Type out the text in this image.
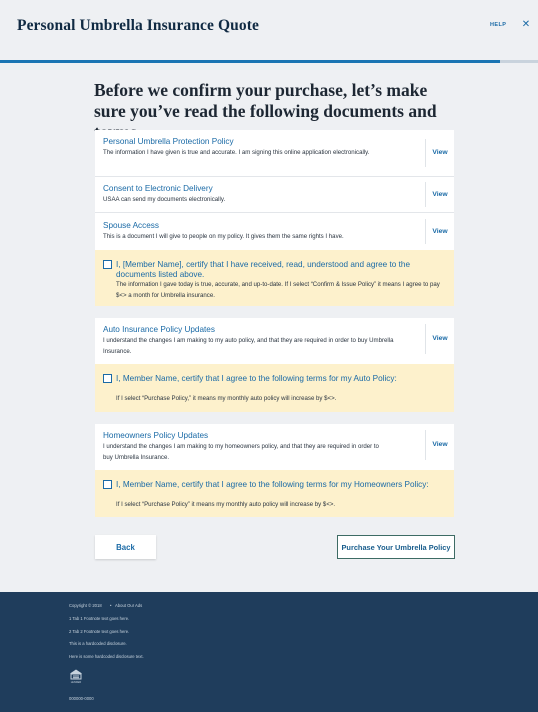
Personal Umbrella Insurance Quote	HELP ✕
Before we confirm your purchase, let’s make sure you’ve read the following documents and
Personal Umbrella Protection Policy
The information I have given is true and accurate. I am signing this online application electronically.	View
Consent to Electronic Delivery
USAA can send my documents electronically.
View
Spouse Access
This is a document I will give to people on my policy. It gives them the same rights I have.
View
I, [Member Name], certify that I have received, read, understood and agree to the documents listed above.
The information I gave today is true, accurate, and up-to-date. If I select “Confirm & Issue Policy” it means I agree to pay $<> a month for Umbrella insurance.
Auto Insurance Policy Updates
I understand the changes I am making to my auto policy, and that they are required in order to buy Umbrella Insurance.
View
I, Member Name, certify that I agree to the following terms for my Auto Policy:
If I select “Purchase Policy,” it means my monthly auto policy will increase by $<>.
Homeowners Policy Updates
I understand the changes I am making to my homeowners policy, and that they are required in order to buy Umbrella Insurance.
View
I, Member Name, certify that I agree to the following terms for my Homeowners Policy:
If I select “Purchase Policy” it means my monthly auto policy will increase by $<>.
Back	Purchase Your Umbrella Policy
Copyright © 2018 • About Our Ads
1 Tab 1 Footnote text goes here.
2 Tab 2 Footnote text goes here.
This is a hardcoded disclosure.
Here is some hardcoded disclosure text.
LENDER
000000-0000
